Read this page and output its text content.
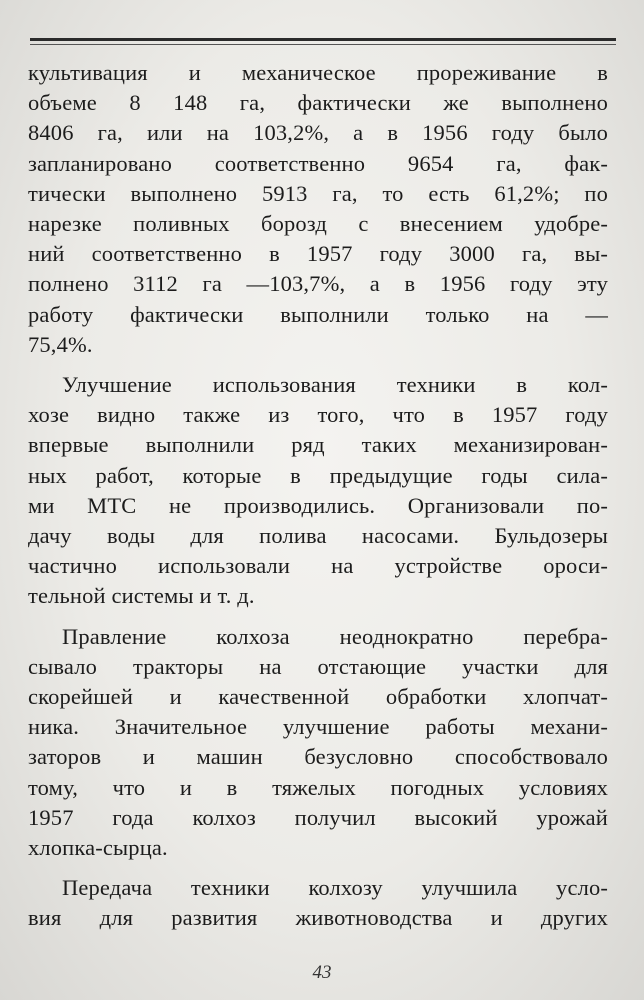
культивация и механическое прореживание в
объеме 8 148 га, фактически же выполнено
8406 га, или на 103,2%, а в 1956 году было
запланировано соответственно 9654 га, фак-
тически выполнено 5913 га, то есть 61,2%; по
нарезке поливных борозд с внесением удобре-
ний соответственно в 1957 году 3000 га, вы-
полнено 3112 га —103,7%, а в 1956 году эту
работу фактически выполнили только на —
75,4%.
Улучшение использования техники в кол-
хозе видно также из того, что в 1957 году
впервые выполнили ряд таких механизирован-
ных работ, которые в предыдущие годы сила-
ми МТС не производились. Организовали по-
дачу воды для полива насосами. Бульдозеры
частично использовали на устройстве ороси-
тельной системы и т. д.
Правление колхоза неоднократно перебра-
сывало тракторы на отстающие участки для
скорейшей и качественной обработки хлопчат-
ника. Значительное улучшение работы механи-
заторов и машин безусловно способствовало
тому, что и в тяжелых погодных условиях
1957 года колхоз получил высокий урожай
хлопка-сырца.
Передача техники колхозу улучшила усло-
вия для развития животноводства и других
43
